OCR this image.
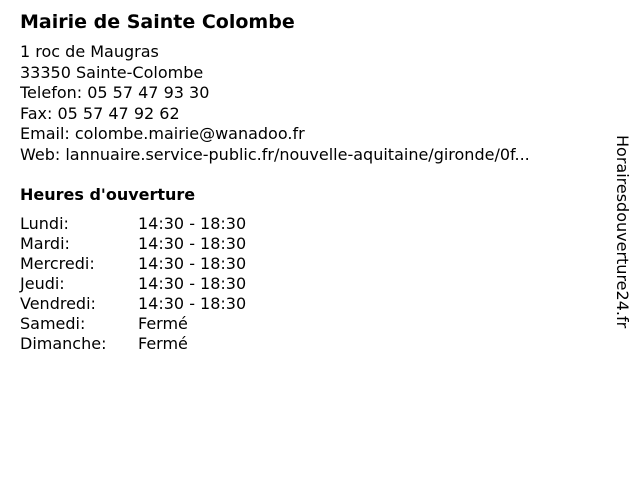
Mairie de Sainte Colombe
1 roc de Maugras
33350 Sainte-Colombe
Telefon: 05 57 47 93 30
Fax: 05 57 47 92 62
Email: colombe.mairie@wanadoo.fr
Web: lannuaire.service-public.fr/nouvelle-aquitaine/gironde/0f...
Heures d'ouverture
Lundi:	14:30 - 18:30
Mardi:	14:30 - 18:30
Mercredi:	14:30 - 18:30
Jeudi:	14:30 - 18:30
Vendredi:	14:30 - 18:30
Samedi:	Fermé
Dimanche:	Fermé
Horairesdouverture24.fr
